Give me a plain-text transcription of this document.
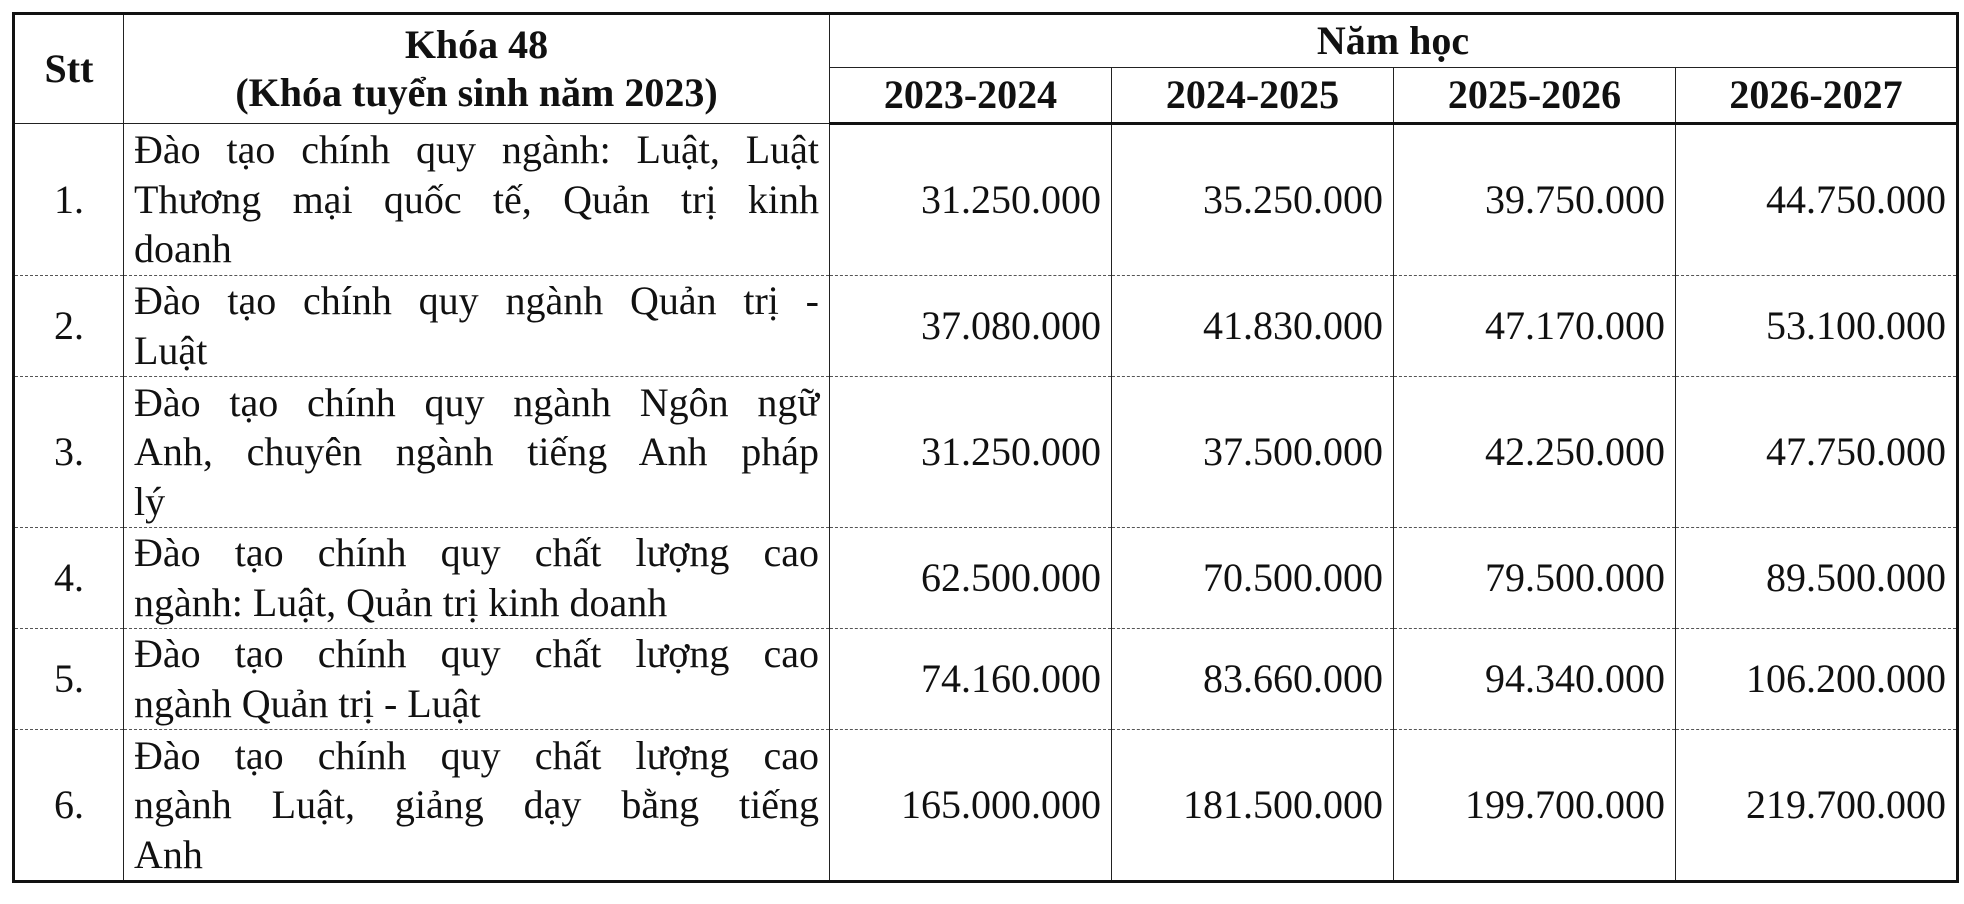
Stt	Khóa 48
(Khóa tuyển sinh năm 2023)	Năm học			
		2023-2024	2024-2025	2025-2026	2026-2027
1.	Đào tạo chính quy ngành: Luật, Luật
Thương mại quốc tế, Quản trị kinh
doanh	31.250.000	35.250.000	39.750.000	44.750.000
2.	Đào tạo chính quy ngành Quản trị -
Luật	37.080.000	41.830.000	47.170.000	53.100.000
3.	Đào tạo chính quy ngành Ngôn ngữ
Anh, chuyên ngành tiếng Anh pháp
lý	31.250.000	37.500.000	42.250.000	47.750.000
4.	Đào tạo chính quy chất lượng cao
ngành: Luật, Quản trị kinh doanh	62.500.000	70.500.000	79.500.000	89.500.000
5.	Đào tạo chính quy chất lượng cao
ngành Quản trị - Luật	74.160.000	83.660.000	94.340.000	106.200.000
6.	Đào tạo chính quy chất lượng cao
ngành Luật, giảng dạy bằng tiếng
Anh	165.000.000	181.500.000	199.700.000	219.700.000
